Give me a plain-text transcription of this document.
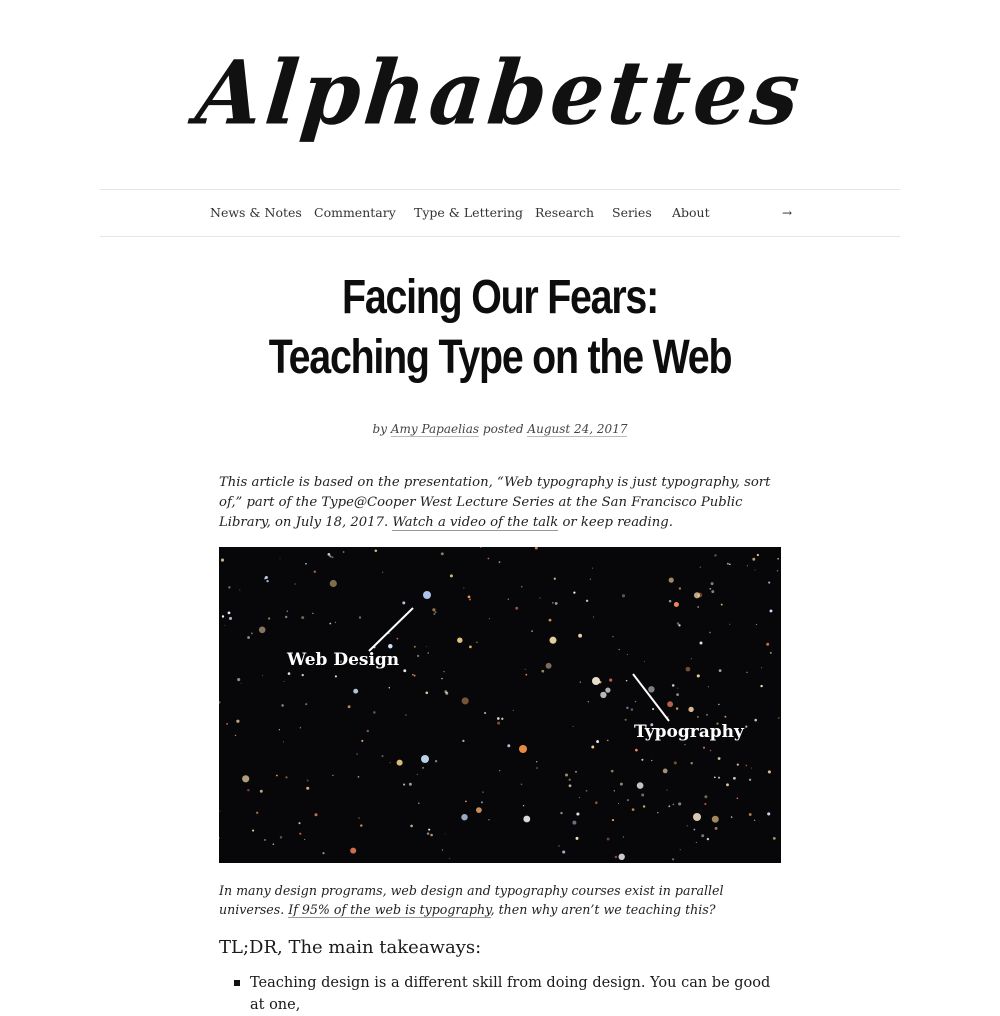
Alphabettes
News & Notes Commentary Type & Lettering Research Series About	→
Facing Our Fears:
Teaching Type on the Web
by Amy Papaelias posted August 24, 2017

This article is based on the presentation, “Web typography is just typography, sort of,” part of the Type@Cooper West Lecture Series at the San Francisco Public Library, on July 18, 2017. Watch a video of the talk or keep reading.

Web Design
Typography

In many design programs, web design and typography courses exist in parallel universes. If 95% of the web is typography, then why aren’t we teaching this?

TL;DR, The main takeaways:
Teaching design is a different skill from doing design. You can be good at one,
